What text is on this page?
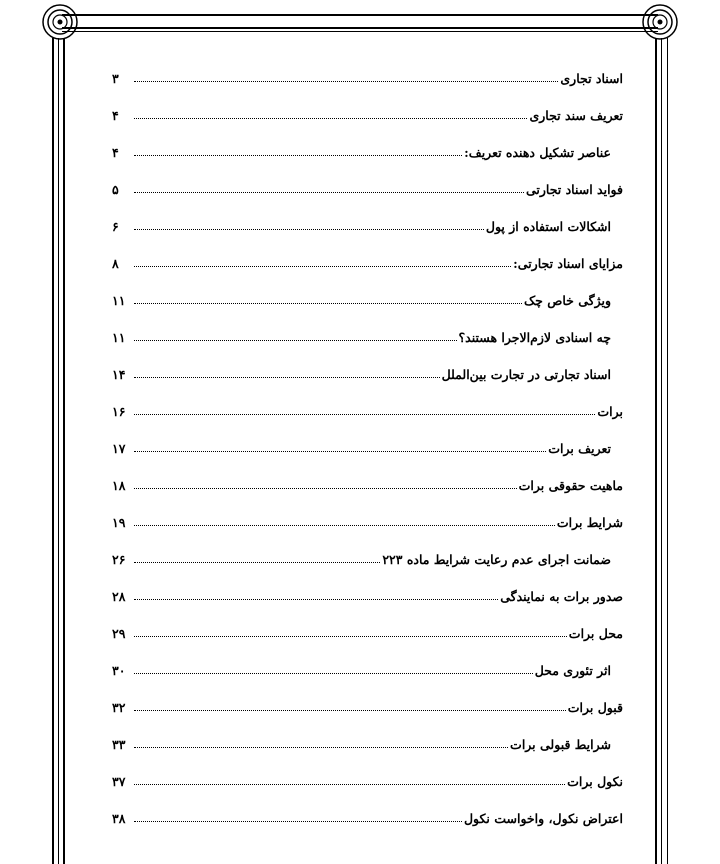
اسناد تجاری
۳
تعریف سند تجاری
۴
عناصر تشکیل دهنده تعریف:
۴
فواید اسناد تجارتی
۵
اشکالات استفاده از پول
۶
مزایای اسناد تجارتی:
۸
ویژگی خاص چک
۱۱
چه اسنادی لازم‌الاجرا هستند؟
۱۱
اسناد تجارتی در تجارت بین‌الملل
۱۴
برات
۱۶
تعریف برات
۱۷
ماهیت حقوقی برات
۱۸
شرایط برات
۱۹
ضمانت اجرای عدم رعایت شرایط ماده ۲۲۳
۲۶
صدور برات به نمایندگی
۲۸
محل برات
۲۹
اثر تئوری محل
۳۰
قبول برات
۳۲
شرایط قبولی برات
۳۳
نکول برات
۳۷
اعتراض نکول، واخواست نکول
۳۸
